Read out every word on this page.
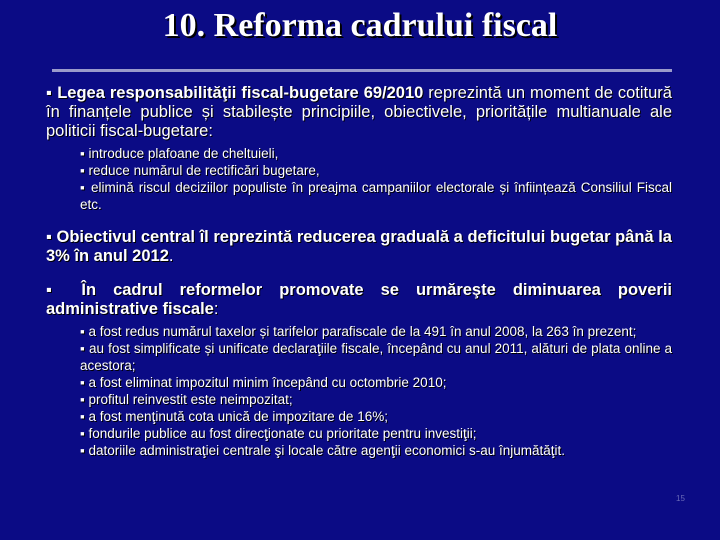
10. Reforma cadrului fiscal
▪ Legea responsabilităţii fiscal-bugetare 69/2010 reprezintă un moment de cotitură în finanțele publice și stabilește principiile, obiectivele, prioritățile multianuale ale politicii fiscal-bugetare:
▪ introduce plafoane de cheltuieli,
▪ reduce numărul de rectificări bugetare,
▪ elimină riscul deciziilor populiste în preajma campaniilor electorale și înființează Consiliul Fiscal etc.
▪ Obiectivul central îl reprezintă reducerea graduală a deficitului bugetar până la 3% în anul 2012.
▪ În cadrul reformelor promovate se urmăreşte diminuarea poverii administrative fiscale:
▪ a fost redus numărul taxelor și tarifelor parafiscale de la 491 în anul 2008, la 263 în prezent;
▪ au fost simplificate și unificate declaraţiile fiscale, începând cu anul 2011, alături de plata online a acestora;
▪ a fost eliminat impozitul minim începând cu octombrie 2010;
▪ profitul reinvestit este neimpozitat;
▪ a fost menţinută cota unică de impozitare de 16%;
▪ fondurile publice au fost direcţionate cu prioritate pentru investiţii;
▪ datoriile administraţiei centrale şi locale către agenţii economici s-au înjumătăţit.
15
